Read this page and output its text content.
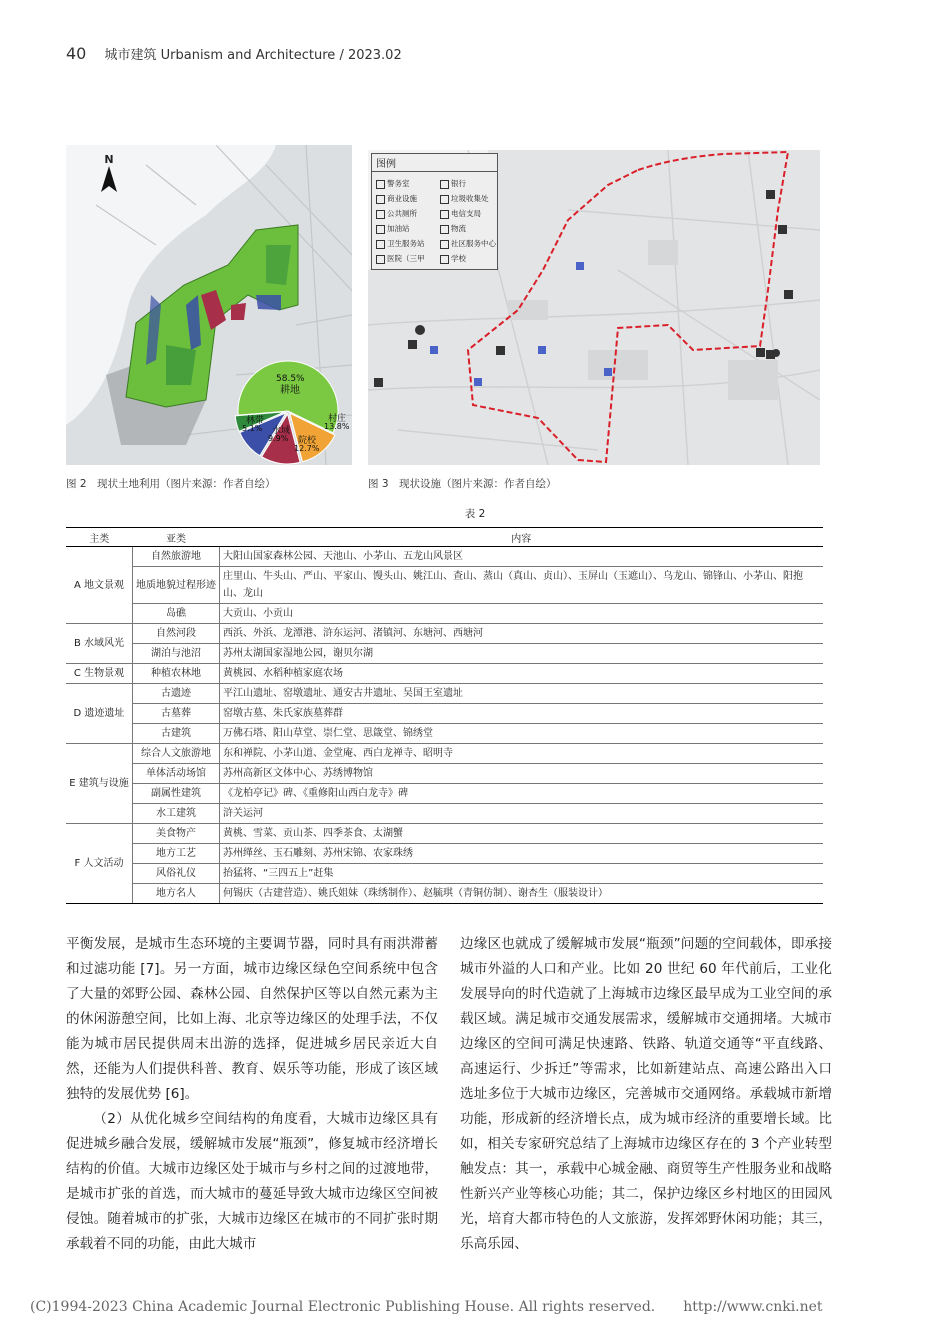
40 城市建筑 Urbanism and Architecture / 2023.02
N
58.5%
耕地
13.8%
村庄
12.7%
院校
9.9%
水域
5.1%
林带
图 2　现状土地利用（图片来源：作者自绘）
图例
警务室
商业设施
公共厕所
加油站
卫生服务站
医院（三甲
银行
垃圾收集处
电信支局
物流
社区服务中心
学校
图 3　现状设施（图片来源：作者自绘）
表 2
主类	亚类	内容
A 地文景观	自然旅游地	大阳山国家森林公园、天池山、小茅山、五龙山风景区
	地质地貌过程形迹	庄里山、牛头山、严山、平家山、馒头山、姚江山、查山、蒸山（真山、贞山）、玉屏山（玉遮山）、乌龙山、锦锋山、小茅山、阳抱山、龙山
	岛礁	大贡山、小贡山
B 水域风光	自然河段	西浜、外浜、龙潭港、浒东运河、渚镇河、东塘河、西塘河
	湖泊与池沼	苏州太湖国家湿地公园，谢贝尔湖
C 生物景观	种植农林地	黄桃园、水稻种植家庭农场
D 遗迹遗址	古遗迹	平江山遗址、窑墩遗址、通安古井遗址、吴国王室遗址
	古墓葬	窑墩古墓、朱氏家族墓葬群
	古建筑	万佛石塔、阳山草堂、崇仁堂、思箴堂、锦绣堂
E 建筑与设施	综合人文旅游地	东和禅院、小茅山道、金堂庵、西白龙禅寺、昭明寺
	单体活动场馆	苏州高新区文体中心、苏绣博物馆
	副属性建筑	《龙柏亭记》碑、《重修阳山西白龙寺》碑
	水工建筑	浒关运河
F 人文活动	美食物产	黄桃、雪菜、贡山茶、四季茶食、太湖蟹
	地方工艺	苏州缂丝、玉石雕刻、苏州宋锦、农家珠绣
	风俗礼仪	抬猛将、“三四五上”赶集
	地方名人	何锡庆（古建营造）、姚氏姐妹（珠绣制作）、赵毓琪（青铜仿制）、谢杏生（服装设计）

平衡发展，是城市生态环境的主要调节器，同时具有雨洪滞蓄和过滤功能 [7]。另一方面，城市边缘区绿色空间系统中包含了大量的郊野公园、森林公园、自然保护区等以自然元素为主的休闲游憩空间，比如上海、北京等边缘区的处理手法，不仅能为城市居民提供周末出游的选择，促进城乡居民亲近大自然，还能为人们提供科普、教育、娱乐等功能，形成了该区域独特的发展优势 [6]。

（2）从优化城乡空间结构的角度看，大城市边缘区具有促进城乡融合发展，缓解城市发展“瓶颈”，修复城市经济增长结构的价值。大城市边缘区处于城市与乡村之间的过渡地带，是城市扩张的首选，而大城市的蔓延导致大城市边缘区空间被侵蚀。随着城市的扩张，大城市边缘区在城市的不同扩张时期承载着不同的功能，由此大城市

边缘区也就成了缓解城市发展“瓶颈”问题的空间载体，即承接城市外溢的人口和产业。比如 20 世纪 60 年代前后，工业化发展导向的时代造就了上海城市边缘区最早成为工业空间的承载区域。满足城市交通发展需求，缓解城市交通拥堵。大城市边缘区的空间可满足快速路、铁路、轨道交通等“平直线路、高速运行、少拆迁”等需求，比如新建站点、高速公路出入口选址多位于大城市边缘区，完善城市交通网络。承载城市新增功能，形成新的经济增长点，成为城市经济的重要增长域。比如，相关专家研究总结了上海城市边缘区存在的 3 个产业转型触发点：其一，承载中心城金融、商贸等生产性服务业和战略性新兴产业等核心功能；其二，保护边缘区乡村地区的田园风光，培育大都市特色的人文旅游，发挥郊野休闲功能；其三，乐高乐园、

(C)1994-2023 China Academic Journal Electronic Publishing House. All rights reserved.　　http://www.cnki.net
